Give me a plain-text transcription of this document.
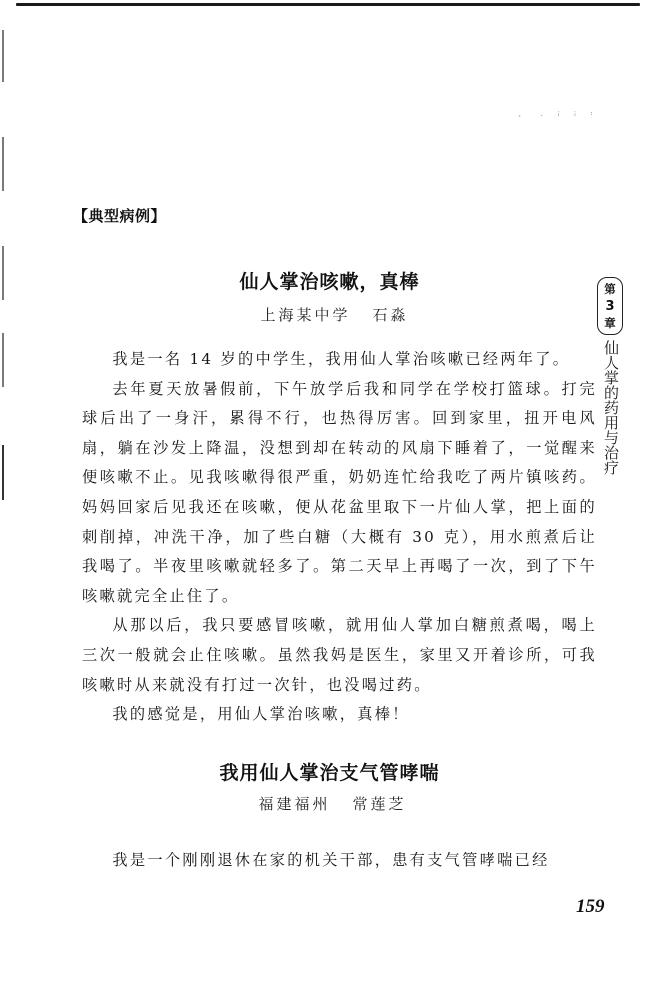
、 . ፧ ፧ ፡
【典型病例】
仙人掌治咳嗽，真棒
上海某中学 石淼

我是一名 14 岁的中学生，我用仙人掌治咳嗽已经两年了。

去年夏天放暑假前，下午放学后我和同学在学校打篮球。打完球后出了一身汗，累得不行，也热得厉害。回到家里，扭开电风扇，躺在沙发上降温，没想到却在转动的风扇下睡着了，一觉醒来便咳嗽不止。见我咳嗽得很严重，奶奶连忙给我吃了两片镇咳药。妈妈回家后见我还在咳嗽，便从花盆里取下一片仙人掌，把上面的刺削掉，冲洗干净，加了些白糖（大概有 30 克），用水煎煮后让我喝了。半夜里咳嗽就轻多了。第二天早上再喝了一次，到了下午咳嗽就完全止住了。

从那以后，我只要感冒咳嗽，就用仙人掌加白糖煎煮喝，喝上三次一般就会止住咳嗽。虽然我妈是医生，家里又开着诊所，可我咳嗽时从来就没有打过一次针，也没喝过药。

我的感觉是，用仙人掌治咳嗽，真棒！

我用仙人掌治支气管哮喘
福建福州 常莲芝

我是一个刚刚退休在家的机关干部，患有支气管哮喘已经

第
3
章
仙人掌的药用与治疗
159
